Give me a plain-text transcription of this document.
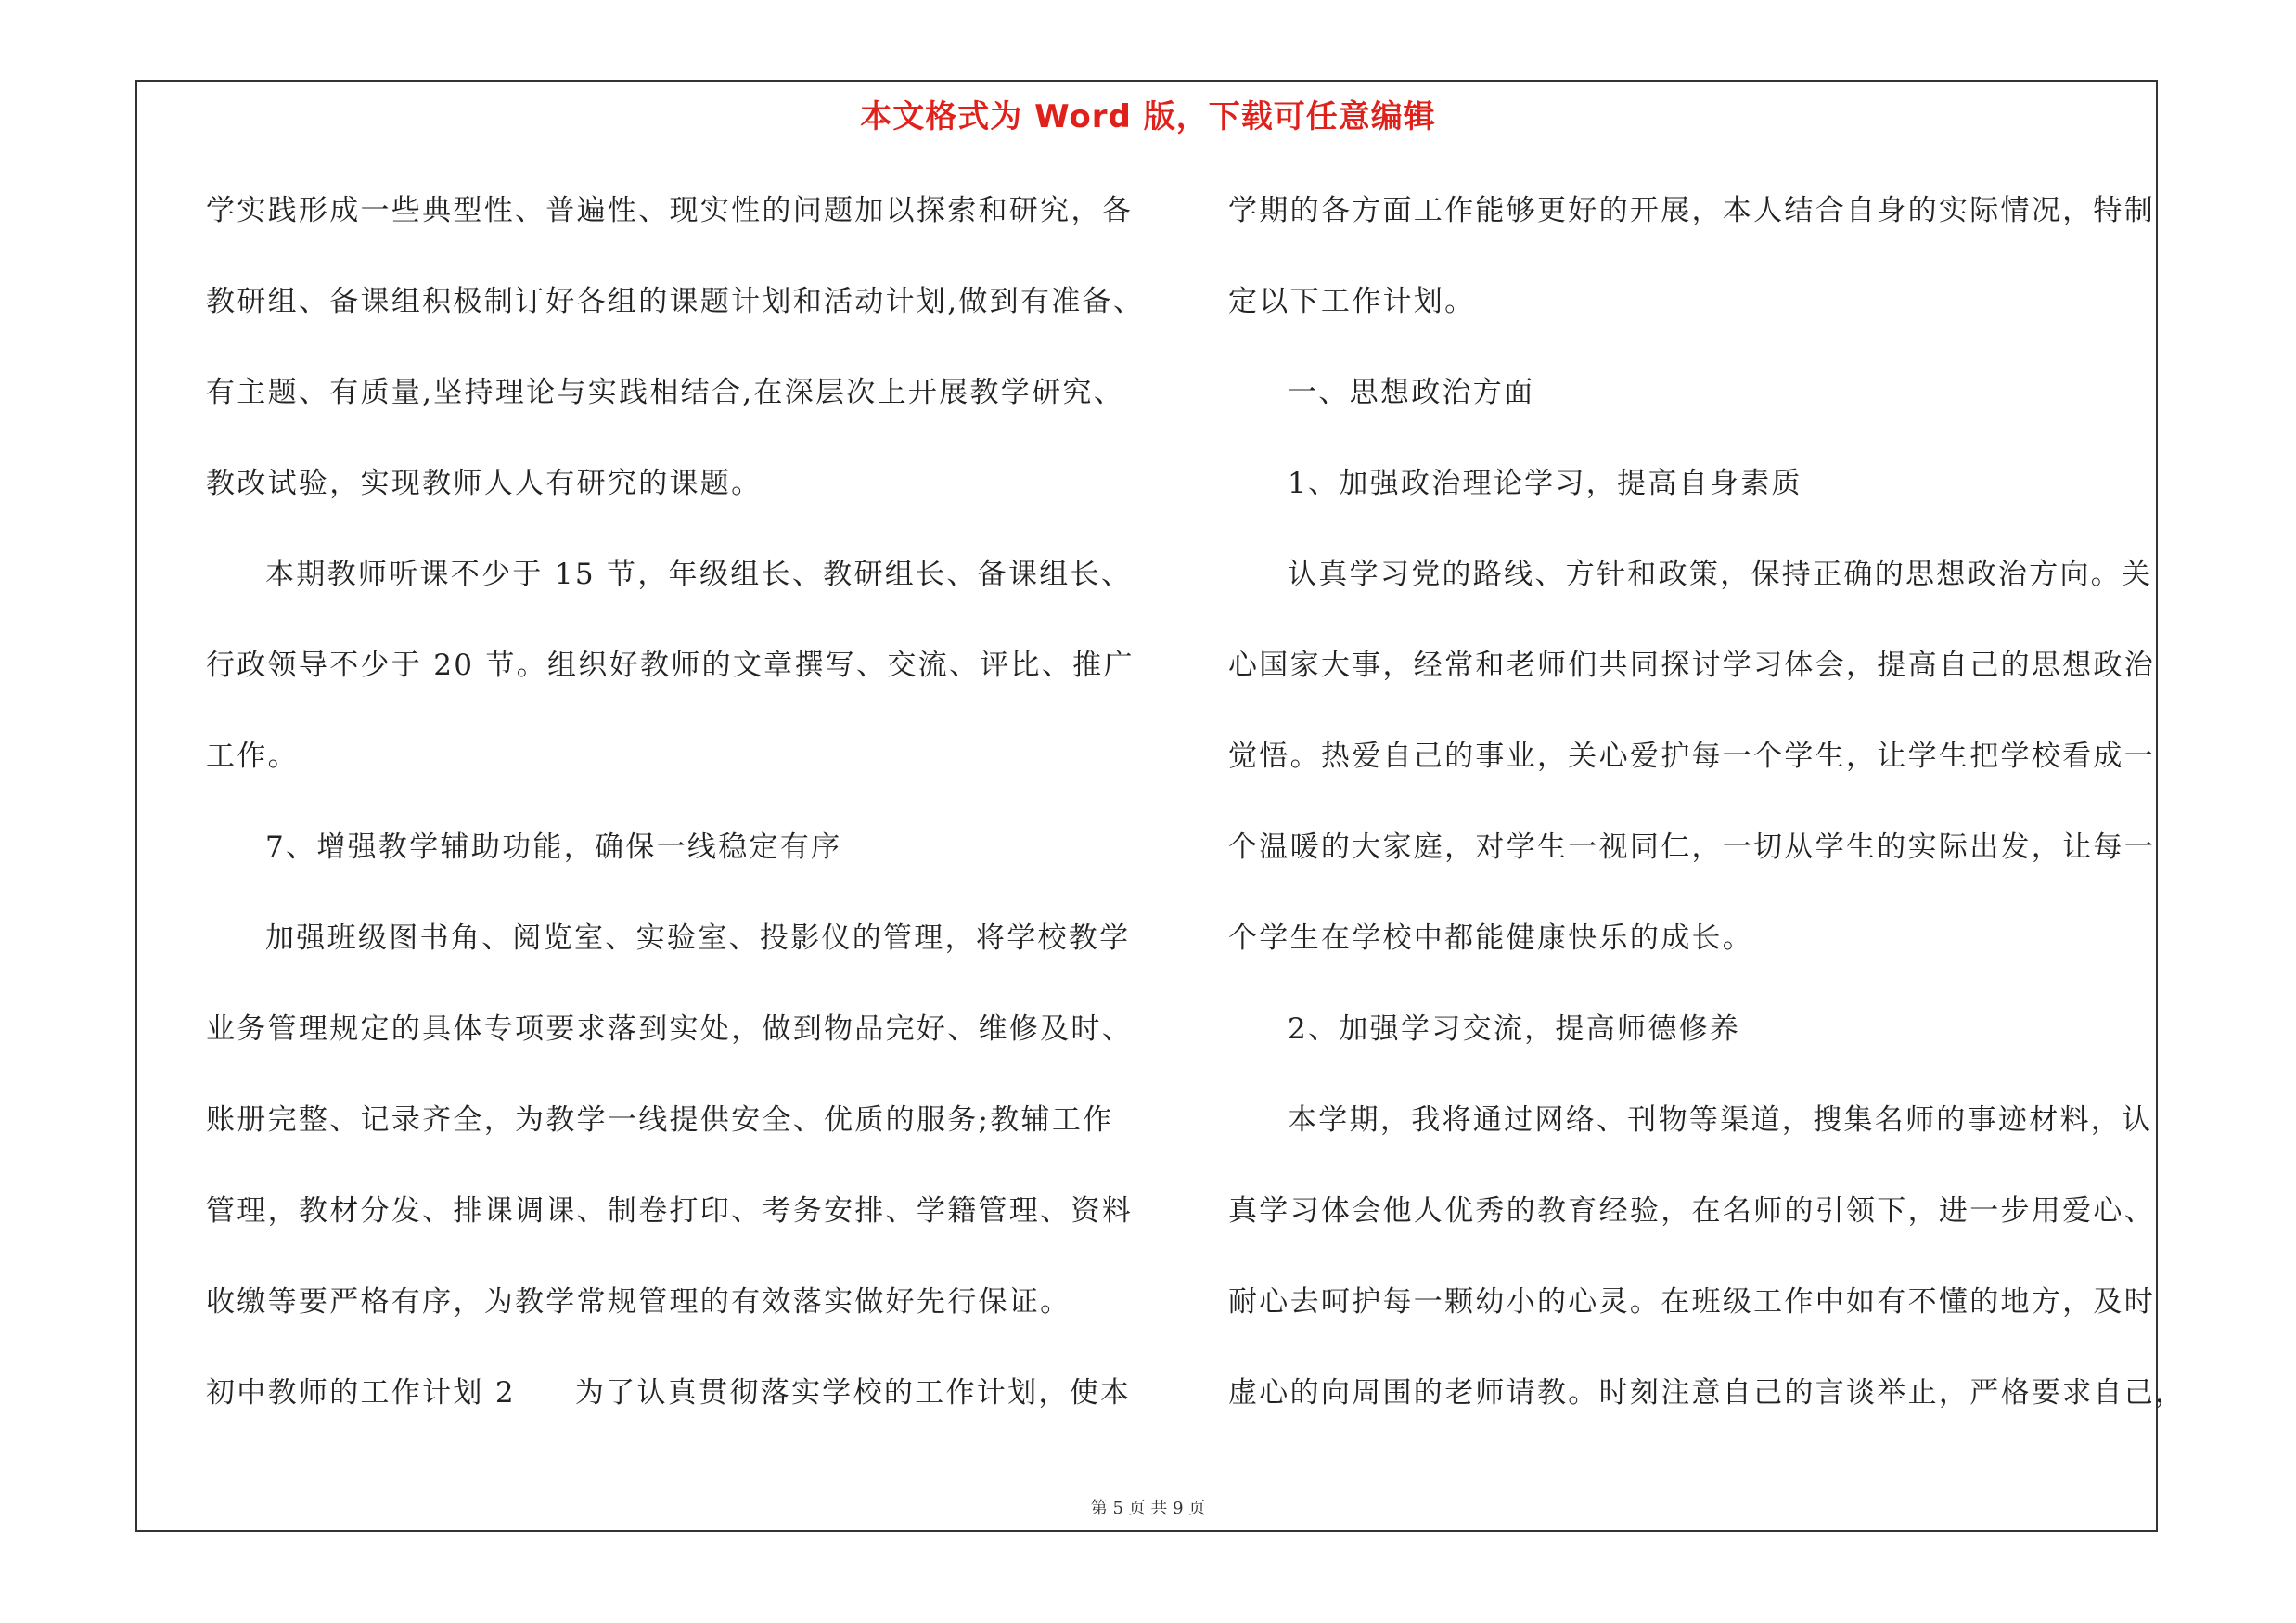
本文格式为 Word 版，下载可任意编辑
学实践形成一些典型性、普遍性、现实性的问题加以探索和研究，各
教研组、备课组积极制订好各组的课题计划和活动计划,做到有准备、
有主题、有质量,坚持理论与实践相结合,在深层次上开展教学研究、
教改试验，实现教师人人有研究的课题。
本期教师听课不少于 15 节，年级组长、教研组长、备课组长、
行政领导不少于 20 节。组织好教师的文章撰写、交流、评比、推广
工作。
7、增强教学辅助功能，确保一线稳定有序
加强班级图书角、阅览室、实验室、投影仪的管理，将学校教学
业务管理规定的具体专项要求落到实处，做到物品完好、维修及时、
账册完整、记录齐全，为教学一线提供安全、优质的服务;教辅工作
管理，教材分发、排课调课、制卷打印、考务安排、学籍管理、资料
收缴等要严格有序，为教学常规管理的有效落实做好先行保证。
初中教师的工作计划 2 为了认真贯彻落实学校的工作计划，使本
学期的各方面工作能够更好的开展，本人结合自身的实际情况，特制
定以下工作计划。
一、思想政治方面
1、加强政治理论学习，提高自身素质
认真学习党的路线、方针和政策，保持正确的思想政治方向。关
心国家大事，经常和老师们共同探讨学习体会，提高自己的思想政治
觉悟。热爱自己的事业，关心爱护每一个学生，让学生把学校看成一
个温暖的大家庭，对学生一视同仁，一切从学生的实际出发，让每一
个学生在学校中都能健康快乐的成长。
2、加强学习交流，提高师德修养
本学期，我将通过网络、刊物等渠道，搜集名师的事迹材料，认
真学习体会他人优秀的教育经验，在名师的引领下，进一步用爱心、
耐心去呵护每一颗幼小的心灵。在班级工作中如有不懂的地方，及时
虚心的向周围的老师请教。时刻注意自己的言谈举止，严格要求自己，
第 5 页 共 9 页
